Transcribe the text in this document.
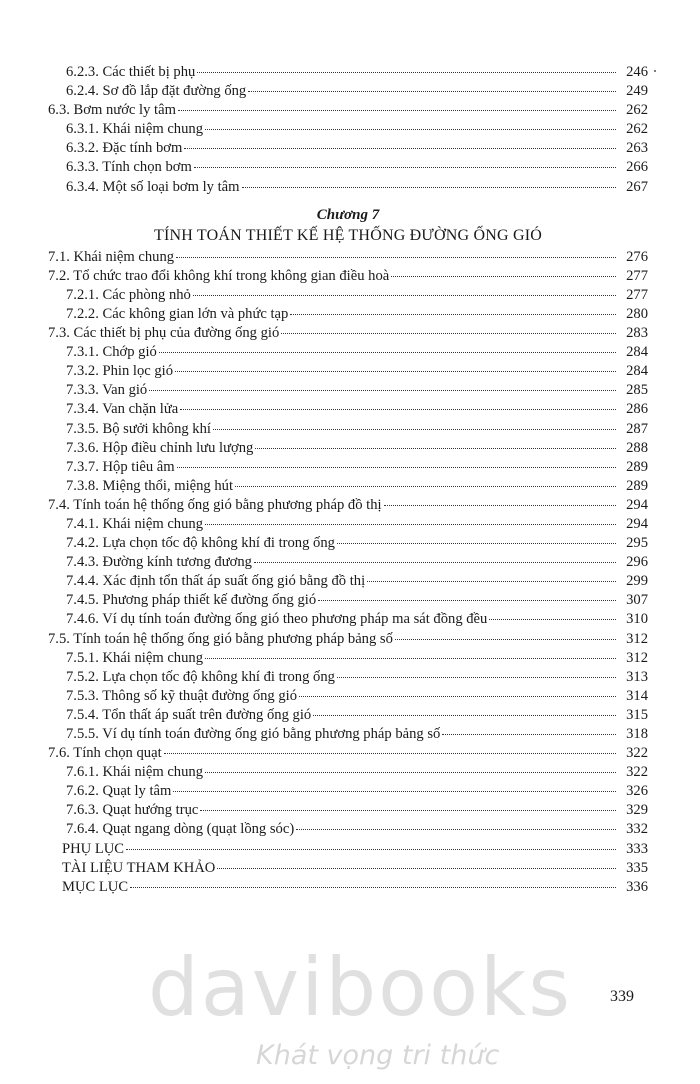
6.2.3. Các thiết bị phụ	246
6.2.4. Sơ đồ lắp đặt đường ống	249
6.3. Bơm nước ly tâm	262
6.3.1. Khái niệm chung	262
6.3.2. Đặc tính bơm	263
6.3.3. Tính chọn bơm	266
6.3.4. Một số loại bơm ly tâm	267
Chương 7
TÍNH TOÁN THIẾT KẾ HỆ THỐNG ĐƯỜNG ỐNG GIÓ
7.1. Khái niệm chung	276
7.2. Tổ chức trao đổi không khí trong không gian điều hoà	277
7.2.1. Các phòng nhỏ	277
7.2.2. Các không gian lớn và phức tạp	280
7.3. Các thiết bị phụ của đường ống gió	283
7.3.1. Chớp gió	284
7.3.2. Phin lọc gió	284
7.3.3. Van gió	285
7.3.4. Van chặn lửa	286
7.3.5. Bộ sưởi không khí	287
7.3.6. Hộp điều chỉnh lưu lượng	288
7.3.7. Hộp tiêu âm	289
7.3.8. Miệng thổi, miệng hút	289
7.4. Tính toán hệ thống ống gió bằng phương pháp đồ thị	294
7.4.1. Khái niệm chung	294
7.4.2. Lựa chọn tốc độ không khí đi trong ống	295
7.4.3. Đường kính tương đương	296
7.4.4. Xác định tổn thất áp suất ống gió bằng đồ thị	299
7.4.5. Phương pháp thiết kế đường ống gió	307
7.4.6. Ví dụ tính toán đường ống gió theo phương pháp ma sát đồng đều	310
7.5. Tính toán hệ thống ống gió bằng phương pháp bảng số	312
7.5.1. Khái niệm chung	312
7.5.2. Lựa chọn tốc độ không khí đi trong ống	313
7.5.3. Thông số kỹ thuật đường ống gió	314
7.5.4. Tổn thất áp suất trên đường ống gió	315
7.5.5. Ví dụ tính toán đường ống gió bằng phương pháp bảng số	318
7.6. Tính chọn quạt	322
7.6.1. Khái niệm chung	322
7.6.2. Quạt ly tâm	326
7.6.3. Quạt hướng trục	329
7.6.4. Quạt ngang dòng (quạt lồng sóc)	332
PHỤ LỤC	333
TÀI LIỆU THAM KHẢO	335
MỤC LỤC	336
339
davibooks
Khát vọng tri thức
